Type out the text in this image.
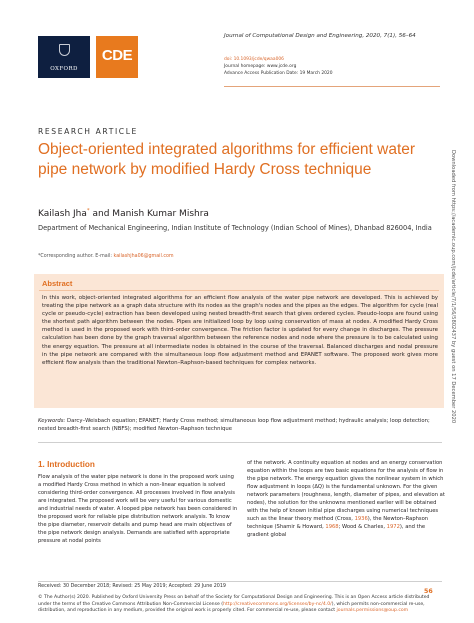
OXFORD
CDE
Journal of Computational Design and Engineering, 2020, 7(1), 56–64
doi: 10.1093/jcde/qwaa006
Journal homepage: www.jcde.org
Advance Access Publication Date: 19 March 2020
Downloaded from https://academic.oup.com/jcde/article/7/1/56/5802437 by guest on 17 December 2020
RESEARCH ARTICLE
Object-oriented integrated algorithms for efficient water pipe network by modified Hardy Cross technique
Kailash Jha* and Manish Kumar Mishra
Department of Mechanical Engineering, Indian Institute of Technology (Indian School of Mines), Dhanbad 826004, India
*Corresponding author. E-mail: kailashjha06@gmail.com
Abstract
In this work, object-oriented integrated algorithms for an efficient flow analysis of the water pipe network are developed. This is achieved by treating the pipe network as a graph data structure with its nodes as the graph's nodes and the pipes as the edges. The algorithm for cycle (real cycle or pseudo-cycle) extraction has been developed using nested breadth-first search that gives ordered cycles. Pseudo-loops are found using the shortest path algorithm between the nodes. Pipes are initialized loop by loop using conservation of mass at nodes. A modified Hardy Cross method is used in the proposed work with third-order convergence. The friction factor is updated for every change in discharges. The pressure calculation has been done by the graph traversal algorithm between the reference nodes and node where the pressure is to be calculated using the energy equation. The pressure at all intermediate nodes is obtained in the course of the traversal. Balanced discharges and nodal pressure in the pipe network are compared with the simultaneous loop flow adjustment method and EPANET software. The proposed work gives more efficient flow analysis than the traditional Newton–Raphson-based techniques for complex networks.
Keywords: Darcy–Weisbach equation; EPANET; Hardy Cross method; simultaneous loop flow adjustment method; hydraulic analysis; loop detection; nested breadth-first search (NBFS); modified Newton–Raphson technique
1. Introduction
Flow analysis of the water pipe network is done in the proposed work using a modified Hardy Cross method in which a non-linear equation is solved considering third-order convergence. All processes involved in flow analysis are integrated. The proposed work will be very useful for various domestic and industrial needs of water. A looped pipe network has been considered in the proposed work for reliable pipe distribution network analysis. To know the pipe diameter, reservoir details and pump head are main objectives of the pipe network design analysis. Demands are satisfied with appropriate pressure at nodal points
of the network. A continuity equation at nodes and an energy conservation equation within the loops are two basic equations for the analysis of flow in the pipe network. The energy equation gives the nonlinear system in which flow adjustment in loops (ΔQ) is the fundamental unknown. For the given network parameters (roughness, length, diameter of pipes, and elevation at nodes), the solution for the unknowns mentioned earlier will be obtained with the help of known initial pipe discharges using numerical techniques such as the linear theory method (Cross, 1936), the Newton–Raphson technique (Shamir & Howard, 1968; Wood & Charles, 1972), and the gradient global
Received: 30 December 2018; Revised: 25 May 2019; Accepted: 29 June 2019
© The Author(s) 2020. Published by Oxford University Press on behalf of the Society for Computational Design and Engineering. This is an Open Access article distributed under the terms of the Creative Commons Attribution Non-Commercial License (http://creativecommons.org/licenses/by-nc/4.0/), which permits non-commercial re-use, distribution, and reproduction in any medium, provided the original work is properly cited. For commercial re-use, please contact journals.permissions@oup.com
56
